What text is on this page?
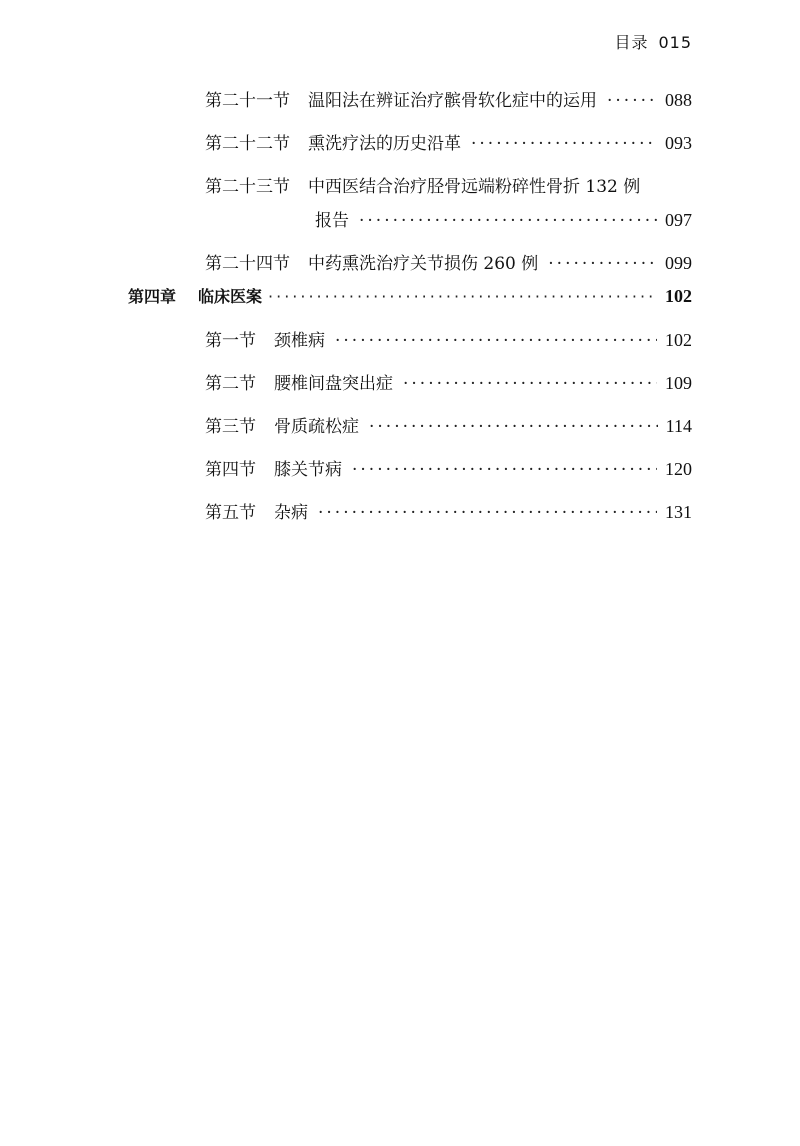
目录 015
第二十一节 温阳法在辨证治疗髌骨软化症中的运用 ·····	088
第二十二节 熏洗疗法的历史沿革 ·····	093
第二十三节 中西医结合治疗胫骨远端粉碎性骨折 132 例
报告 ·····	097
第二十四节 中药熏洗治疗关节损伤 260 例 ·····	099
第四章 临床医案 ·····	102
第一节 颈椎病 ·····	102
第二节 腰椎间盘突出症 ·····	109
第三节 骨质疏松症 ·····	114
第四节 膝关节病 ·····	120
第五节 杂病 ·····	131
